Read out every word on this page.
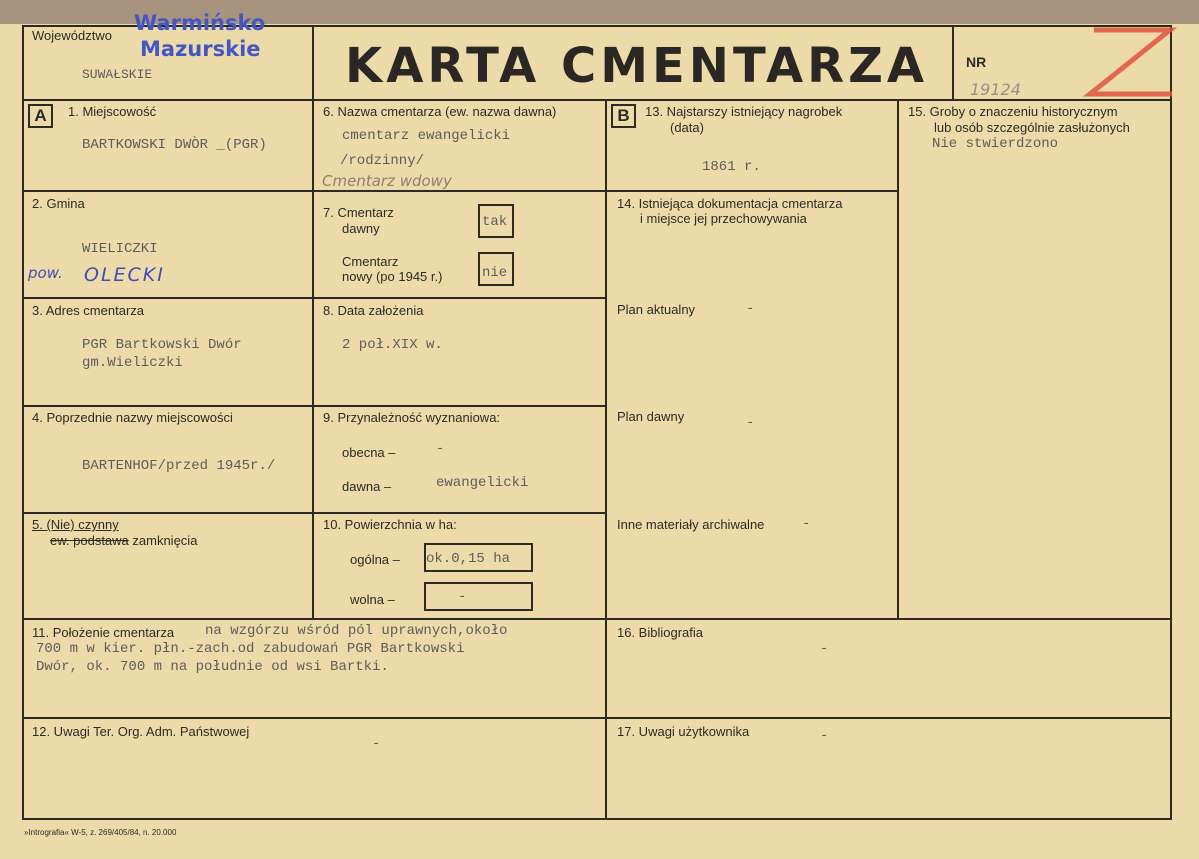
Województwo
Warmińsko
Mazurskie
SUWAŁSKIE	KARTA CMENTARZA	NR
19124
A	B
1. Miejscowość
BARTKOWSKI DWÒR _(PGR)
2. Gmina
WIELICZKI
pow. OLECKI
3. Adres cmentarza
PGR Bartkowski Dwór
gm.Wieliczki
4. Poprzednie nazwy miejscowości
BARTENHOF/przed 1945r./
5. (Nie) czynny
ew. podstawa zamknięcia
6. Nazwa cmentarza (ew. nazwa dawna)
cmentarz ewangelicki
/rodzinny/
Cmentarz wdowy
7. Cmentarz
dawny	tak
Cmentarz
nowy (po 1945 r.)	nie
8. Data założenia
2 poł.XIX w.
9. Przynależność wyznaniowa:
obecna –	-
dawna –	ewangelicki
10. Powierzchnia w ha:
ogólna – ok.0,15 ha
wolna –	-
11. Położenie cmentarza na wzgórzu wśród pól uprawnych,około
700 m w kier. płn.-zach.od zabudowań PGR Bartkowski
Dwór, ok. 700 m na południe od wsi Bartki.
12. Uwagi Ter. Org. Adm. Państwowej
-
13. Najstarszy istniejący nagrobek
(data)
1861 r.
14. Istniejąca dokumentacja cmentarza
i miejsce jej przechowywania
Plan aktualny	-
Plan dawny	-
Inne materiały archiwalne	-
15. Groby o znaczeniu historycznym
lub osób szczególnie zasłużonych
Nie stwierdzono
16. Bibliografia
-
17. Uwagi użytkownika	-
»Intrografia« W-5, z. 269/405/84, n. 20.000
